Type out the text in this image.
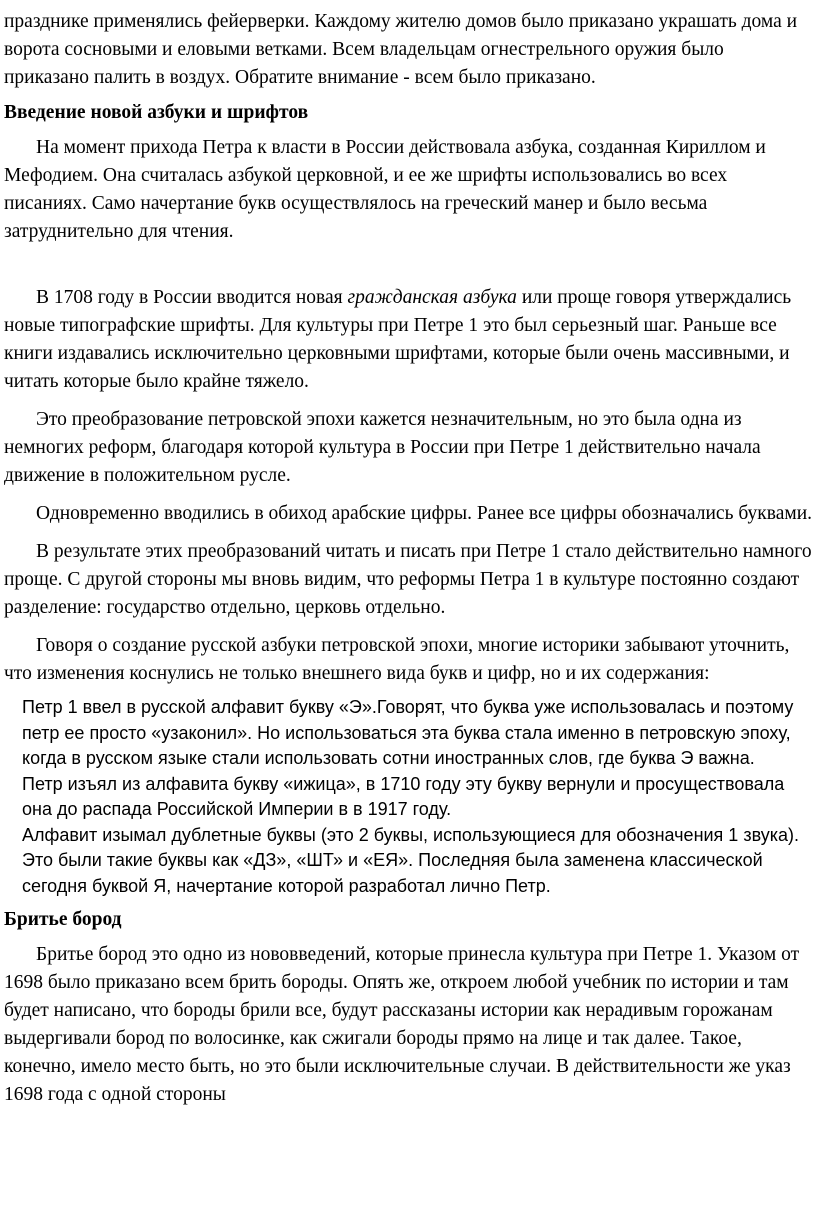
празднике применялись фейерверки. Каждому жителю домов было приказано украшать дома и ворота сосновыми и еловыми ветками. Всем владельцам огнестрельного оружия было приказано палить в воздух. Обратите внимание - всем было приказано.

Введение новой азбуки и шрифтов

На момент прихода Петра к власти в России действовала азбука, созданная Кириллом и Мефодием. Она считалась азбукой церковной, и ее же шрифты использовались во всех писаниях. Само начертание букв осуществлялось на греческий манер и было весьма затруднительно для чтения.

В 1708 году в России вводится новая гражданская азбука или проще говоря утверждались новые типографские шрифты. Для культуры при Петре 1 это был серьезный шаг. Раньше все книги издавались исключительно церковными шрифтами, которые были очень массивными, и читать которые было крайне тяжело.

Это преобразование петровской эпохи кажется незначительным, но это была одна из немногих реформ, благодаря которой культура в России при Петре 1 действительно начала движение в положительном русле.

Одновременно вводились в обиход арабские цифры. Ранее все цифры обозначались буквами.

В результате этих преобразований читать и писать при Петре 1 стало действительно намного проще. С другой стороны мы вновь видим, что реформы Петра 1 в культуре постоянно создают разделение: государство отдельно, церковь отдельно.

Говоря о создание русской азбуки петровской эпохи, многие историки забывают уточнить, что изменения коснулись не только внешнего вида букв и цифр, но и их содержания:

Петр 1 ввел в русской алфавит букву «Э».Говорят, что буква уже использовалась и поэтому петр ее просто «узаконил». Но использоваться эта буква стала именно в петровскую эпоху, когда в русском языке стали использовать сотни иностранных слов, где буква Э важна.

Петр изъял из алфавита букву «ижица», в 1710 году эту букву вернули и просуществовала она до распада Российской Империи в в 1917 году.

Алфавит изымал дублетные буквы (это 2 буквы, использующиеся для обозначения 1 звука). Это были такие буквы как «ДЗ», «ШТ» и «ЕЯ». Последняя была заменена классической сегодня буквой Я, начертание которой разработал лично Петр.

Бритье бород

Бритье бород это одно из нововведений, которые принесла культура при Петре 1. Указом от 1698 было приказано всем брить бороды. Опять же, откроем любой учебник по истории и там будет написано, что бороды брили все, будут рассказаны истории как нерадивым горожанам выдергивали бород по волосинке, как сжигали бороды прямо на лице и так далее. Такое, конечно, имело место быть, но это были исключительные случаи. В действительности же указ 1698 года с одной стороны
